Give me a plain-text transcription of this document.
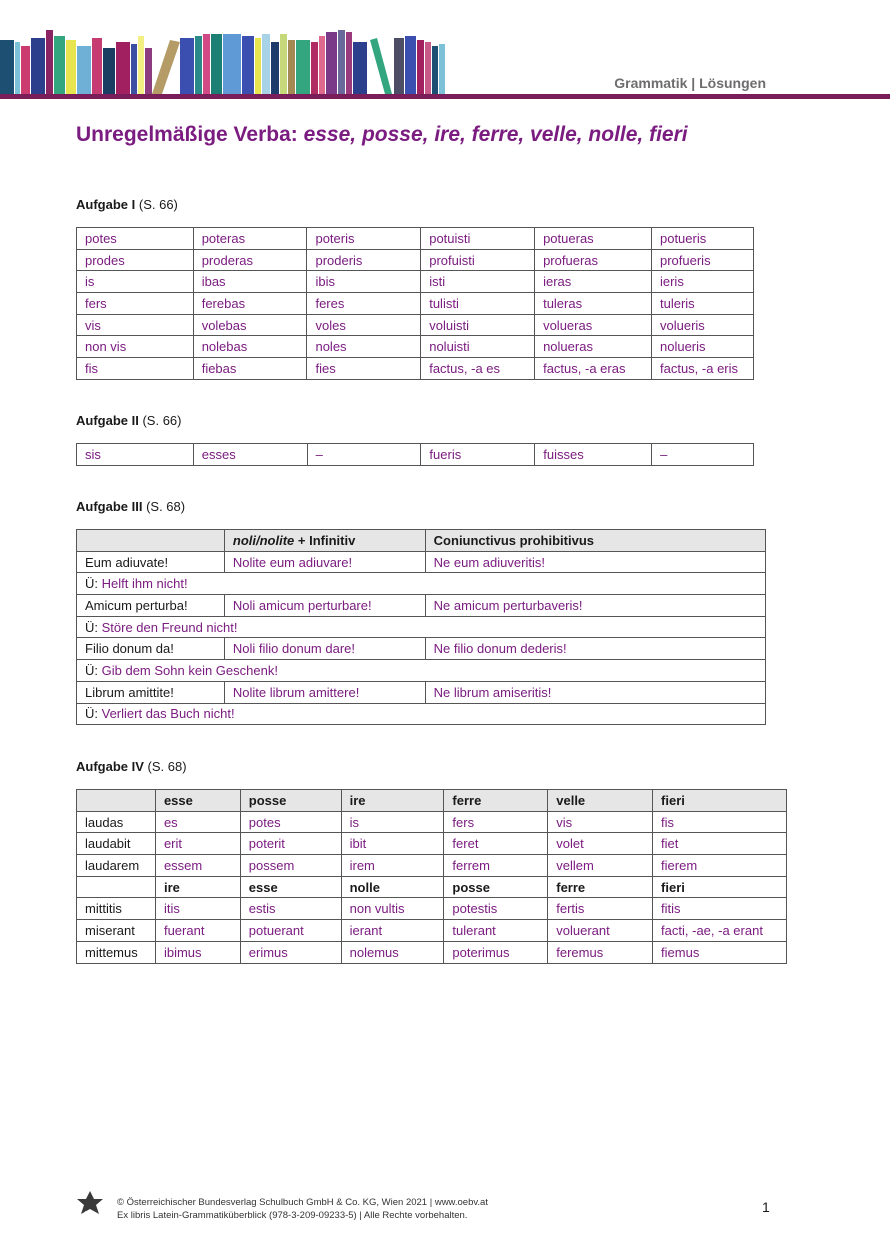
Grammatik | Lösungen
Unregelmäßige Verba: esse, posse, ire, ferre, velle, nolle, fieri
Aufgabe I (S. 66)
potes	poteras	poteris	potuisti	potueras	potueris
prodes	proderas	proderis	profuisti	profueras	profueris
is	ibas	ibis	isti	ieras	ieris
fers	ferebas	feres	tulisti	tuleras	tuleris
vis	volebas	voles	voluisti	volueras	volueris
non vis	nolebas	noles	noluisti	nolueras	nolueris
fis	fiebas	fies	factus, -a es	factus, -a eras	factus, -a eris
Aufgabe II (S. 66)
sis	esses	–	fueris	fuisses	–
Aufgabe III (S. 68)
	noli/nolite + Infinitiv	Coniunctivus prohibitivus
Eum adiuvate!	Nolite eum adiuvare!	Ne eum adiuveritis!
Ü: Helft ihm nicht!		
Amicum perturba!	Noli amicum perturbare!	Ne amicum perturbaveris!
Ü: Störe den Freund nicht!		
Filio donum da!	Noli filio donum dare!	Ne filio donum dederis!
Ü: Gib dem Sohn kein Geschenk!		
Librum amittite!	Nolite librum amittere!	Ne librum amiseritis!
Ü: Verliert das Buch nicht!		
Aufgabe IV (S. 68)
	esse	posse	ire	ferre	velle	fieri
laudas	es	potes	is	fers	vis	fis
laudabit	erit	poterit	ibit	feret	volet	fiet
laudarem	essem	possem	irem	ferrem	vellem	fierem
	ire	esse	nolle	posse	ferre	fieri
mittitis	itis	estis	non vultis	potestis	fertis	fitis
miserant	fuerant	potuerant	ierant	tulerant	voluerant	facti, -ae, -a erant
mittemus	ibimus	erimus	nolemus	poterimus	feremus	fiemus
öbv
© Österreichischer Bundesverlag Schulbuch GmbH & Co. KG, Wien 2021 | www.oebv.at
Ex libris Latein-Grammatiküberblick (978-3-209-09233-5) | Alle Rechte vorbehalten.
1
